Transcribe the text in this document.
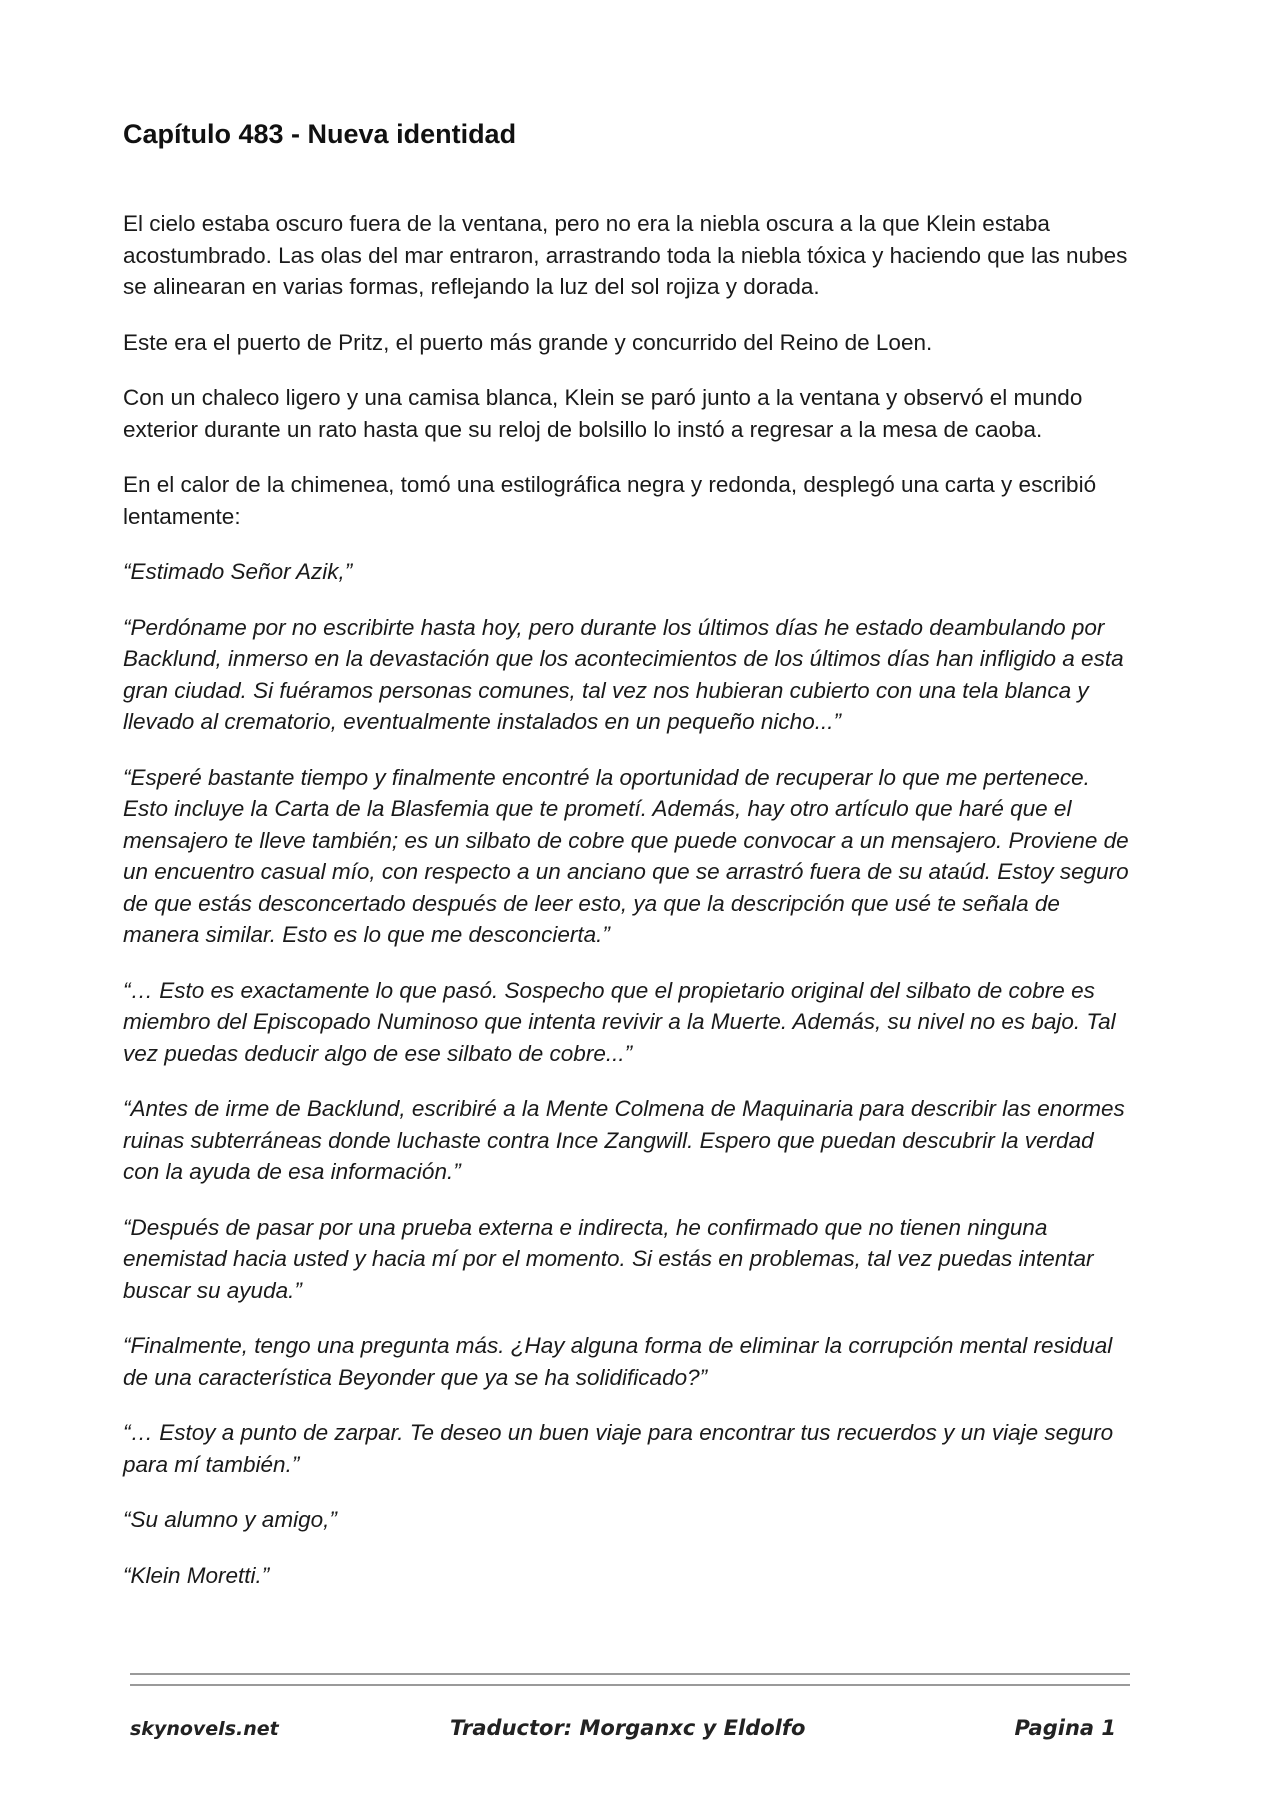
Capítulo 483 - Nueva identidad

El cielo estaba oscuro fuera de la ventana, pero no era la niebla oscura a la que Klein estaba acostumbrado. Las olas del mar entraron, arrastrando toda la niebla tóxica y haciendo que las nubes se alinearan en varias formas, reflejando la luz del sol rojiza y dorada.

Este era el puerto de Pritz, el puerto más grande y concurrido del Reino de Loen.

Con un chaleco ligero y una camisa blanca, Klein se paró junto a la ventana y observó el mundo exterior durante un rato hasta que su reloj de bolsillo lo instó a regresar a la mesa de caoba.

En el calor de la chimenea, tomó una estilográfica negra y redonda, desplegó una carta y escribió lentamente:

“Estimado Señor Azik,”

“Perdóname por no escribirte hasta hoy, pero durante los últimos días he estado deambulando por Backlund, inmerso en la devastación que los acontecimientos de los últimos días han infligido a esta gran ciudad. Si fuéramos personas comunes, tal vez nos hubieran cubierto con una tela blanca y llevado al crematorio, eventualmente instalados en un pequeño nicho...”

“Esperé bastante tiempo y finalmente encontré la oportunidad de recuperar lo que me pertenece. Esto incluye la Carta de la Blasfemia que te prometí. Además, hay otro artículo que haré que el mensajero te lleve también; es un silbato de cobre que puede convocar a un mensajero. Proviene de un encuentro casual mío, con respecto a un anciano que se arrastró fuera de su ataúd. Estoy seguro de que estás desconcertado después de leer esto, ya que la descripción que usé te señala de manera similar. Esto es lo que me desconcierta.”

“… Esto es exactamente lo que pasó. Sospecho que el propietario original del silbato de cobre es miembro del Episcopado Numinoso que intenta revivir a la Muerte. Además, su nivel no es bajo. Tal vez puedas deducir algo de ese silbato de cobre...”

“Antes de irme de Backlund, escribiré a la Mente Colmena de Maquinaria para describir las enormes ruinas subterráneas donde luchaste contra Ince Zangwill. Espero que puedan descubrir la verdad con la ayuda de esa información.”

“Después de pasar por una prueba externa e indirecta, he confirmado que no tienen ninguna enemistad hacia usted y hacia mí por el momento. Si estás en problemas, tal vez puedas intentar buscar su ayuda.”

“Finalmente, tengo una pregunta más. ¿Hay alguna forma de eliminar la corrupción mental residual de una característica Beyonder que ya se ha solidificado?”

“… Estoy a punto de zarpar. Te deseo un buen viaje para encontrar tus recuerdos y un viaje seguro para mí también.”

“Su alumno y amigo,”

“Klein Moretti.”

skynovels.net	Traductor: Morganxc y Eldolfo	Pagina 1
